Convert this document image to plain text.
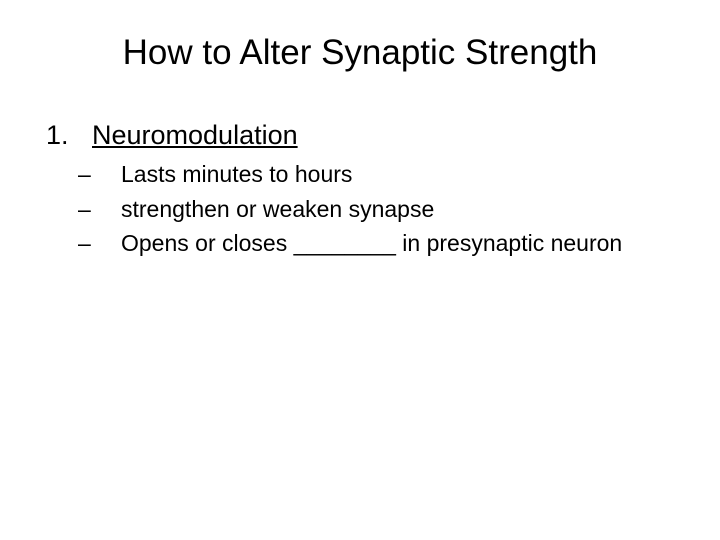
How to Alter Synaptic Strength
1. Neuromodulation
– Lasts minutes to hours
– strengthen or weaken synapse
– Opens or closes ________ in presynaptic neuron
